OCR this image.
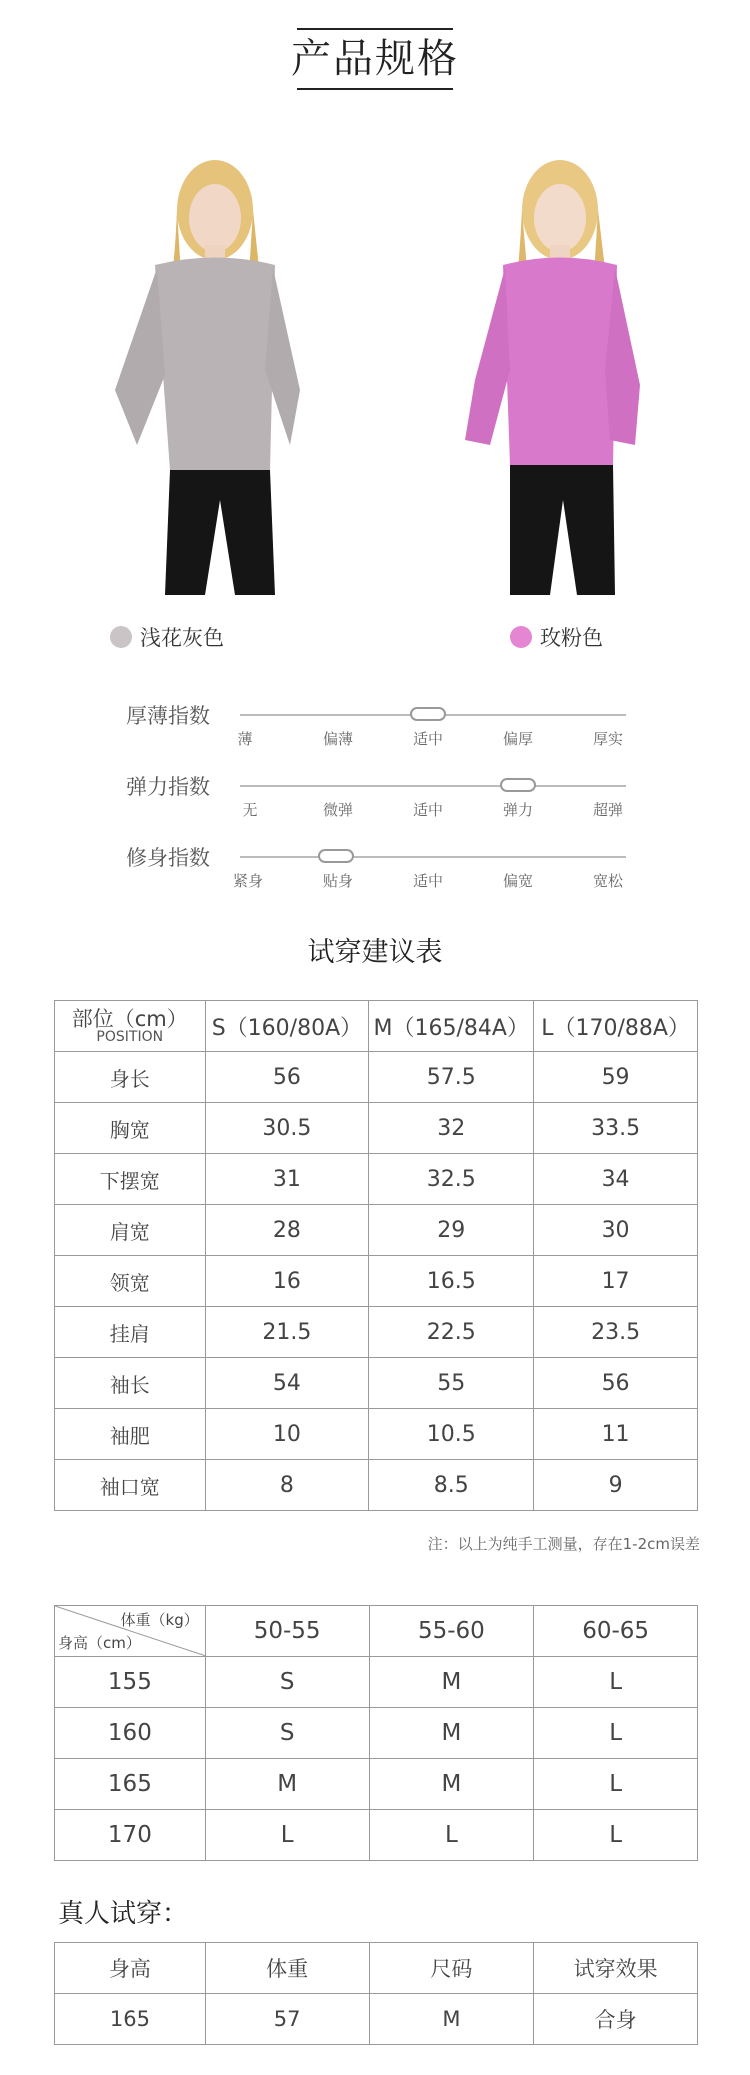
产品规格
浅花灰色	玫粉色
厚薄指数
薄	偏薄	适中	偏厚	厚实
弹力指数
无	微弹	适中	弹力	超弹
修身指数
紧身	贴身	适中	偏宽	宽松
试穿建议表
部位（cm）
POSITION	S（160/80A）	M（165/84A）	L（170/88A）
身长	56	57.5	59
胸宽	30.5	32	33.5
下摆宽	31	32.5	34
肩宽	28	29	30
领宽	16	16.5	17
挂肩	21.5	22.5	23.5
袖长	54	55	56
袖肥	10	10.5	11
袖口宽	8	8.5	9
注：以上为纯手工测量，存在1-2cm误差
体重（kg）
身高（cm）	50-55	55-60	60-65
155	S	M	L
160	S	M	L
165	M	M	L
170	L	L	L
真人试穿：
身高	体重	尺码	试穿效果
165	57	M	合身
